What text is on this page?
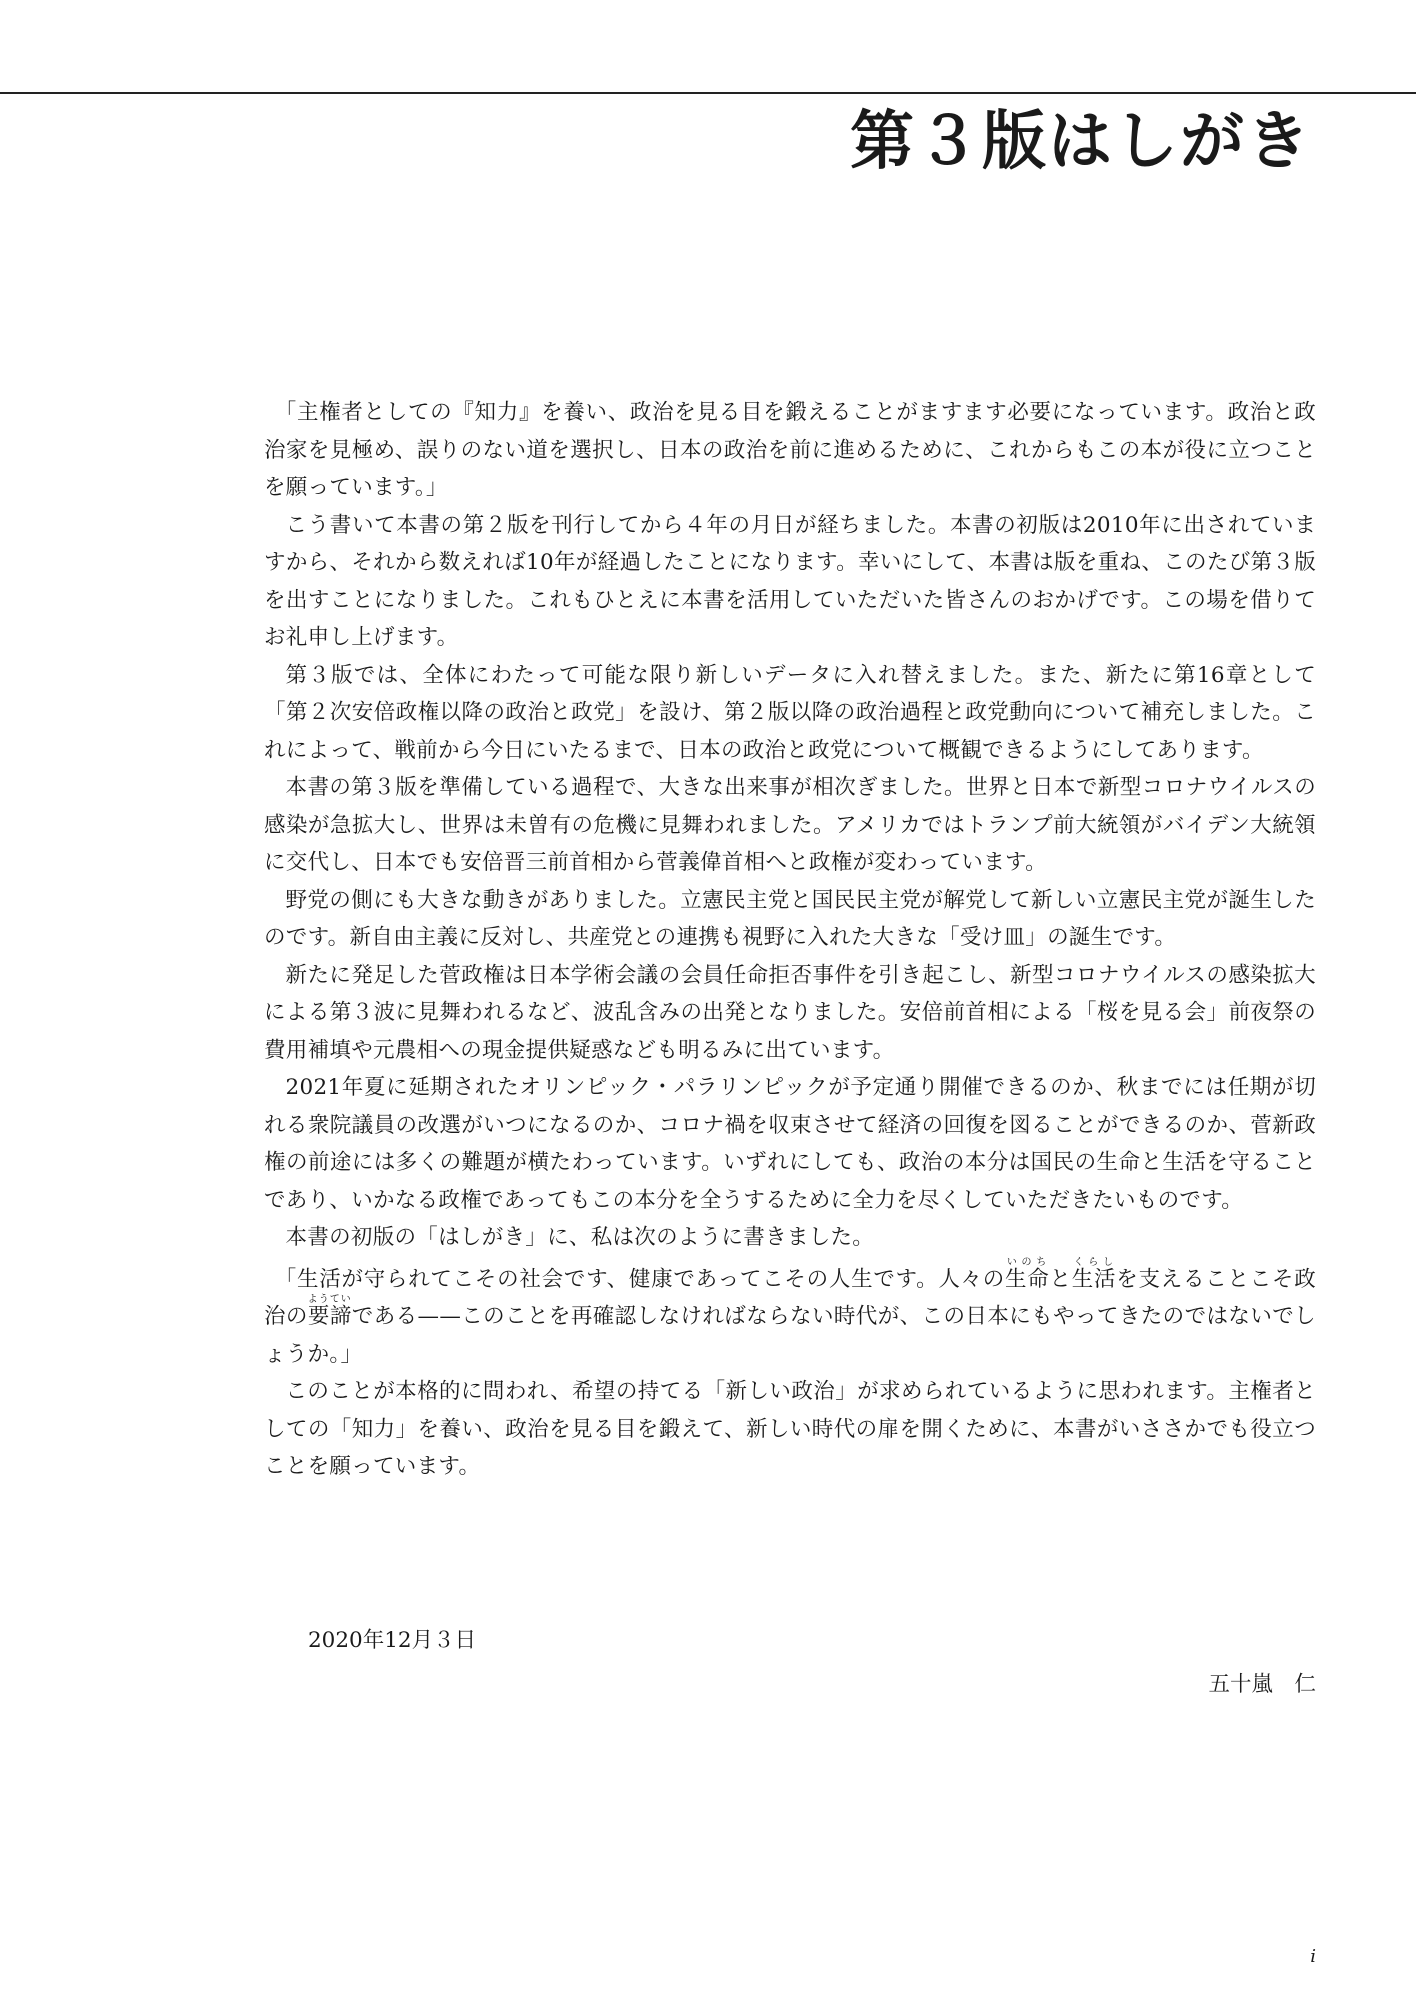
第３版はしがき

「主権者としての『知力』を養い、政治を見る目を鍛えることがますます必要になっています。政治と政治家を見極め、誤りのない道を選択し、日本の政治を前に進めるために、これからもこの本が役に立つことを願っています。」

こう書いて本書の第２版を刊行してから４年の月日が経ちました。本書の初版は2010年に出されていますから、それから数えれば10年が経過したことになります。幸いにして、本書は版を重ね、このたび第３版を出すことになりました。これもひとえに本書を活用していただいた皆さんのおかげです。この場を借りてお礼申し上げます。

第３版では、全体にわたって可能な限り新しいデータに入れ替えました。また、新たに第16章として「第２次安倍政権以降の政治と政党」を設け、第２版以降の政治過程と政党動向について補充しました。これによって、戦前から今日にいたるまで、日本の政治と政党について概観できるようにしてあります。

本書の第３版を準備している過程で、大きな出来事が相次ぎました。世界と日本で新型コロナウイルスの感染が急拡大し、世界は未曽有の危機に見舞われました。アメリカではトランプ前大統領がバイデン大統領に交代し、日本でも安倍晋三前首相から菅義偉首相へと政権が変わっています。

野党の側にも大きな動きがありました。立憲民主党と国民民主党が解党して新しい立憲民主党が誕生したのです。新自由主義に反対し、共産党との連携も視野に入れた大きな「受け皿」の誕生です。

新たに発足した菅政権は日本学術会議の会員任命拒否事件を引き起こし、新型コロナウイルスの感染拡大による第３波に見舞われるなど、波乱含みの出発となりました。安倍前首相による「桜を見る会」前夜祭の費用補填や元農相への現金提供疑惑なども明るみに出ています。

2021年夏に延期されたオリンピック・パラリンピックが予定通り開催できるのか、秋までには任期が切れる衆院議員の改選がいつになるのか、コロナ禍を収束させて経済の回復を図ることができるのか、菅新政権の前途には多くの難題が横たわっています。いずれにしても、政治の本分は国民の生命と生活を守ることであり、いかなる政権であってもこの本分を全うするために全力を尽くしていただきたいものです。

本書の初版の「はしがき」に、私は次のように書きました。

「生活が守られてこその社会です、健康であってこその人生です。人々の生命いのちと生活くらしを支えることこそ政治の要諦ようていである——このことを再確認しなければならない時代が、この日本にもやってきたのではないでしょうか。」

このことが本格的に問われ、希望の持てる「新しい政治」が求められているように思われます。主権者としての「知力」を養い、政治を見る目を鍛えて、新しい時代の扉を開くために、本書がいささかでも役立つことを願っています。

2020年12月３日

五十嵐　仁

i
